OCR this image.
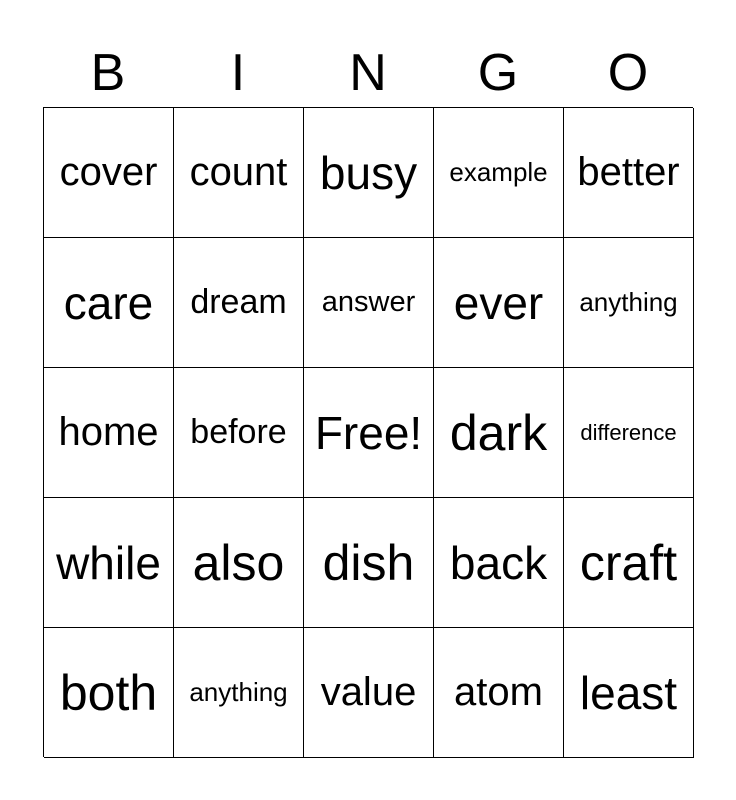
B	I	N	G	O
cover count busy	example better
care	dream	answer ever	anything
home before Free! dark	difference
while also dish back craft
both	anything value atom least
